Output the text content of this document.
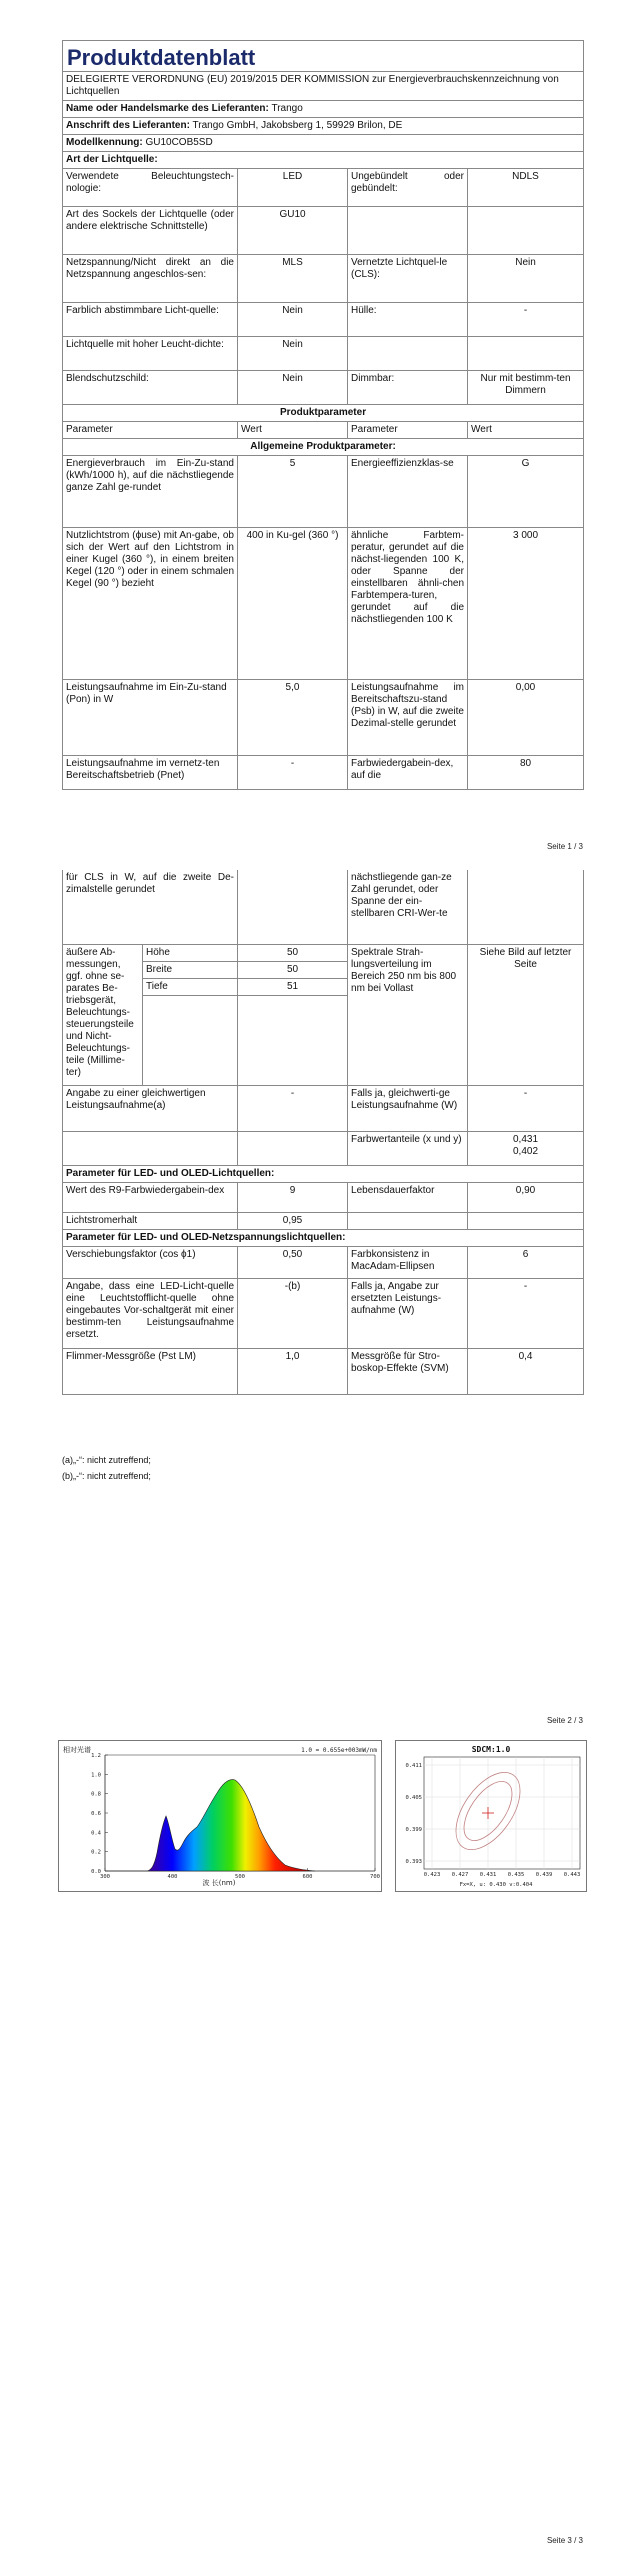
Produktdatenblatt			
DELEGIERTE VERORDNUNG (EU) 2019/2015 DER KOMMISSION zur Energieverbrauchskennzeichnung von Lichtquellen			
Name oder Handelsmarke des Lieferanten: Trango			
Anschrift des Lieferanten: Trango GmbH, Jakobsberg 1, 59929 Brilon, DE			
Modellkennung: GU10COB5SD			
Art der Lichtquelle:			
Verwendete Beleuchtungstech-nologie:	LED	Ungebündelt oder gebündelt:	NDLS
Art des Sockels der Lichtquelle (oder andere elektrische Schnittstelle)	GU10		
Netzspannung/Nicht direkt an die Netzspannung angeschlos-sen:	MLS	Vernetzte Lichtquel-le (CLS):	Nein
Farblich abstimmbare Licht-quelle:	Nein	Hülle:	-
Lichtquelle mit hoher Leucht-dichte:	Nein		
Blendschutzschild:	Nein	Dimmbar:	Nur mit bestimm-ten Dimmern
Produktparameter			
Parameter	Wert	Parameter	Wert
Allgemeine Produktparameter:			
Energieverbrauch im Ein-Zu-stand (kWh/1000 h), auf die nächstliegende ganze Zahl ge-rundet	5	Energieeffizienzklas-se	G
Nutzlichtstrom (ϕuse) mit An-gabe, ob sich der Wert auf den Lichtstrom in einer Kugel (360 °), in einem breiten Kegel (120 °) oder in einem schmalen Kegel (90 °) bezieht	400 in Ku-gel (360 °)	ähnliche Farbtem-peratur, gerundet auf die nächst-liegenden 100 K, oder Spanne der einstellbaren ähnli-chen Farbtempera-turen, gerundet auf die nächstliegenden 100 K	3 000
Leistungsaufnahme im Ein-Zu-stand (Pon) in W	5,0	Leistungsaufnahme im Bereitschaftszu-stand (Psb) in W, auf die zweite Dezimal-stelle gerundet	0,00
Leistungsaufnahme im vernetz-ten Bereitschaftsbetrieb (Pnet)	-	Farbwiedergabein-dex, auf die	80
Seite 1 / 3
für CLS in W, auf die zweite De-zimalstelle gerundet			nächstliegende gan-ze Zahl gerundet, oder Spanne der ein-stellbaren CRI-Wer-te	
äußere Ab-messungen, ggf. ohne se-parates Be-triebsgerät, Beleuchtungs-steuerungsteile und Nicht-Beleuchtungs-teile (Millime-ter)	Höhe	50	Spektrale Strah-lungsverteilung im Bereich 250 nm bis 800 nm bei Vollast	Siehe Bild auf letzter Seite
	Breite	50		
	Tiefe	51		

Angabe zu einer gleichwertigen Leistungsaufnahme(a)		-	Falls ja, gleichwerti-ge Leistungsaufnahme (W)	-
			Farbwertanteile (x und y)	0,431
0,402
Parameter für LED- und OLED-Lichtquellen:				
Wert des R9-Farbwiedergabein-dex		9	Lebensdauerfaktor	0,90
Lichtstromerhalt		0,95		
Parameter für LED- und OLED-Netzspannungslichtquellen:				
Verschiebungsfaktor (cos ϕ1)		0,50	Farbkonsistenz in MacAdam-Ellipsen	6
Angabe, dass eine LED-Licht-quelle eine Leuchtstofflicht-quelle ohne eingebautes Vor-schaltgerät mit einer bestimm-ten Leistungsaufnahme ersetzt.		-(b)	Falls ja, Angabe zur ersetzten Leistungs-aufnahme (W)	-
Flimmer-Messgröße (Pst LM)		1,0	Messgröße für Stro-boskop-Effekte (SVM)	0,4
(a)„-“: nicht zutreffend;
(b)„-“: nicht zutreffend;
Seite 2 / 3
相对光谱	1.0 = 0.655e+003mW/nm
1.2
1.0
0.8
0.6
0.4
0.2
0.0
300	400	500	600	700
波 长(nm)
SDCM:1.0
0.411
0.405
0.399
0.393
0.423 0.427 0.431 0.435 0.439 0.443
Fx=X, u: 0.430 v:0.404
Seite 3 / 3
